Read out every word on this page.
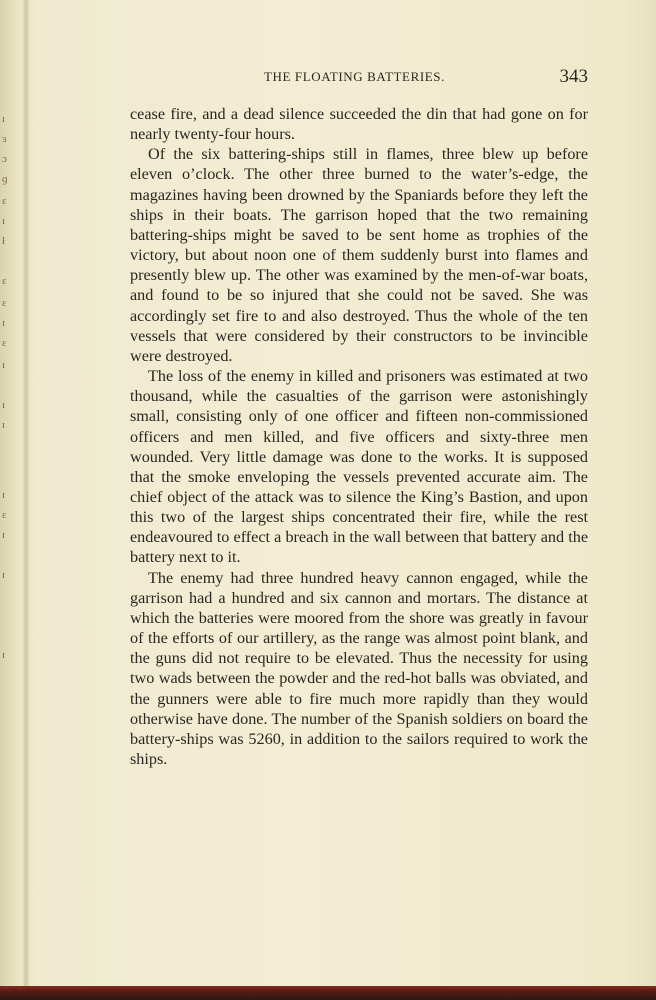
ı
ɜ
ɔ
ɡ
ɛ
ɪ
ł
ɛ
ɛ
ɪ
ɛ
ɪ
ɪ
ɪ
ɪ
ɛ
ɪ
ɪ
ɪ
THE FLOATING BATTERIES.	343

cease fire, and a dead silence succeeded the din that had gone on for nearly twenty-four hours.

Of the six battering-ships still in flames, three blew up before eleven o’clock. The other three burned to the water’s-edge, the magazines having been drowned by the Spaniards before they left the ships in their boats. The garrison hoped that the two remaining battering-ships might be saved to be sent home as trophies of the victory, but about noon one of them suddenly burst into flames and presently blew up. The other was examined by the men-of-war boats, and found to be so injured that she could not be saved. She was accordingly set fire to and also destroyed. Thus the whole of the ten vessels that were considered by their constructors to be invincible were destroyed.

The loss of the enemy in killed and prisoners was estimated at two thousand, while the casualties of the garrison were astonishingly small, consisting only of one officer and fifteen non-commissioned officers and men killed, and five officers and sixty-three men wounded. Very little damage was done to the works. It is supposed that the smoke enveloping the vessels prevented accurate aim. The chief object of the attack was to silence the King’s Bastion, and upon this two of the largest ships concentrated their fire, while the rest endeavoured to effect a breach in the wall between that battery and the battery next to it.

The enemy had three hundred heavy cannon engaged, while the garrison had a hundred and six cannon and mortars. The distance at which the batteries were moored from the shore was greatly in favour of the efforts of our artillery, as the range was almost point blank, and the guns did not require to be elevated. Thus the necessity for using two wads between the powder and the red-hot balls was obviated, and the gunners were able to fire much more rapidly than they would otherwise have done. The number of the Spanish soldiers on board the battery-ships was 5260, in addition to the sailors required to work the ships.
